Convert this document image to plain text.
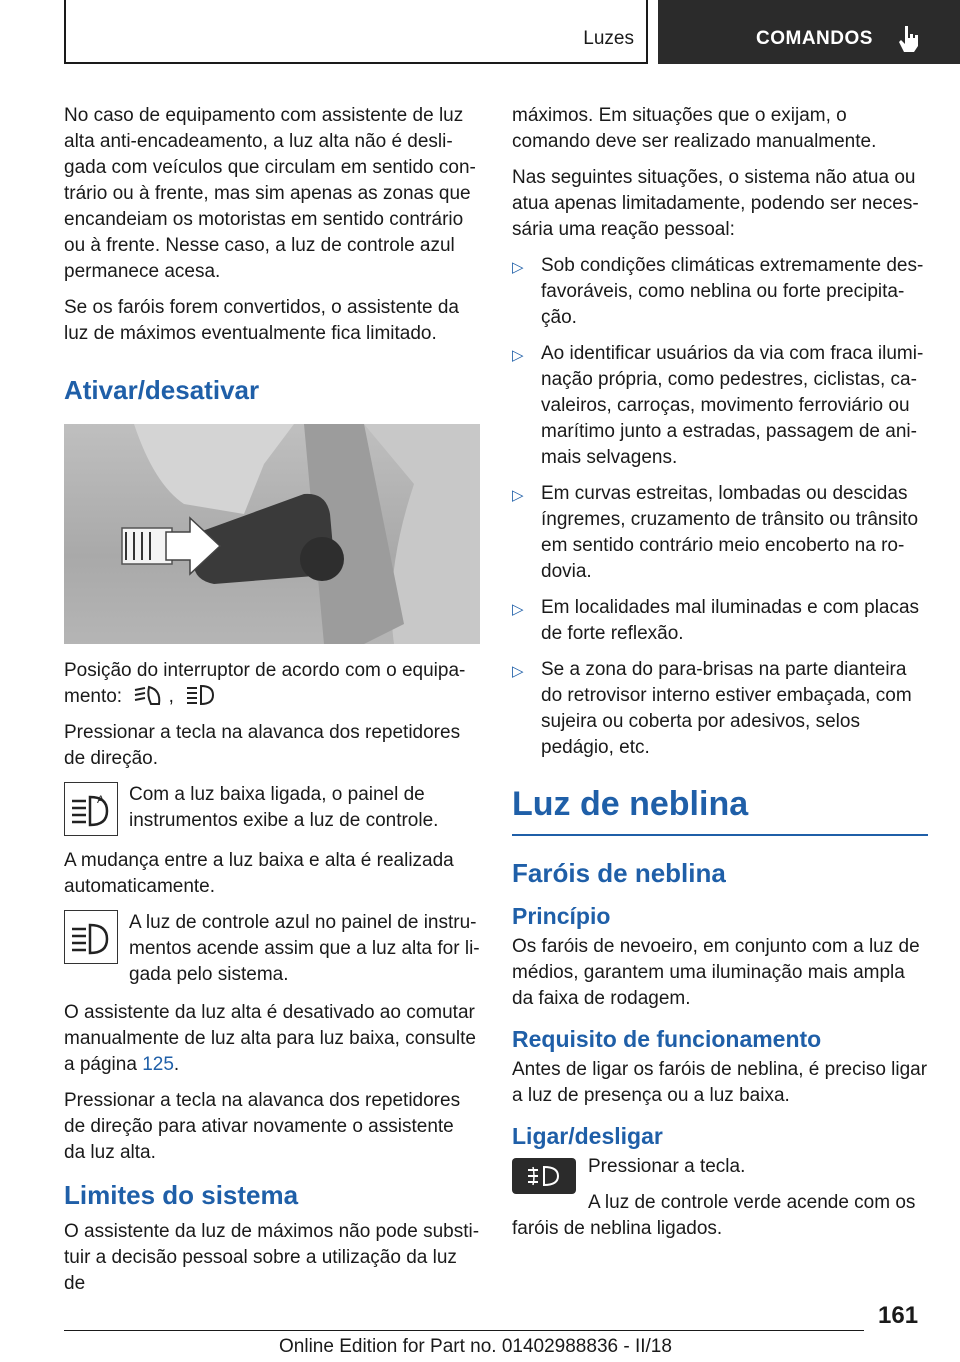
Luzes	COMANDOS

No caso de equipamento com assistente de luz alta anti-encadeamento, a luz alta não é desligada com veículos que circulam em sentido contrário ou à frente, mas sim apenas as zonas que encandeiam os motoristas em sentido contrário ou à frente. Nesse caso, a luz de controle azul permanece acesa.

Se os faróis forem convertidos, o assistente da luz de máximos eventualmente fica limitado.

Ativar/desativar

Posição do interruptor de acordo com o equipamento: ,

Pressionar a tecla na alavanca dos repetidores de direção.

A Com a luz baixa ligada, o painel de instrumentos exibe a luz de controle.

A mudança entre a luz baixa e alta é realizada automaticamente.

A luz de controle azul no painel de instrumentos acende assim que a luz alta for ligada pelo sistema.

O assistente da luz alta é desativado ao comutar manualmente de luz alta para luz baixa, consulte a página 125.

Pressionar a tecla na alavanca dos repetidores de direção para ativar novamente o assistente da luz alta.

Limites do sistema

O assistente da luz de máximos não pode substituir a decisão pessoal sobre a utilização da luz de

máximos. Em situações que o exijam, o comando deve ser realizado manualmente.

Nas seguintes situações, o sistema não atua ou atua apenas limitadamente, podendo ser necessária uma reação pessoal:

▷ Sob condições climáticas extremamente desfavoráveis, como neblina ou forte precipitação.
▷ Ao identificar usuários da via com fraca iluminação própria, como pedestres, ciclistas, cavaleiros, carroças, movimento ferroviário ou marítimo junto a estradas, passagem de animais selvagens.
▷ Em curvas estreitas, lombadas ou descidas íngremes, cruzamento de trânsito ou trânsito em sentido contrário meio encoberto na rodovia.
▷ Em localidades mal iluminadas e com placas de forte reflexão.
▷ Se a zona do para-brisas na parte dianteira do retrovisor interno estiver embaçada, com sujeira ou coberta por adesivos, selos pedágio, etc.
Luz de neblina
Faróis de neblina
Princípio

Os faróis de nevoeiro, em conjunto com a luz de médios, garantem uma iluminação mais ampla da faixa de rodagem.

Requisito de funcionamento

Antes de ligar os faróis de neblina, é preciso ligar a luz de presença ou a luz baixa.

Ligar/desligar

Pressionar a tecla.

A luz de controle verde acende com os faróis de neblina ligados.

161
Online Edition for Part no. 01402988836 - II/18
